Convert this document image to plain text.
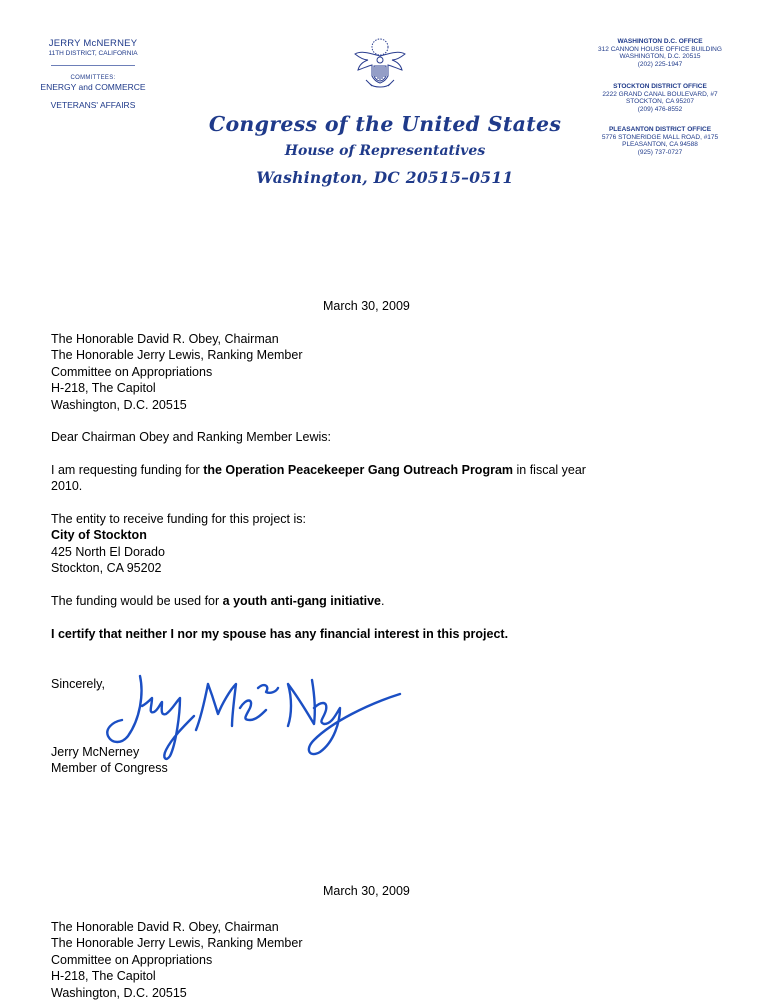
JERRY McNERNEY
11TH DISTRICT, CALIFORNIA
COMMITTEES:
ENERGY and COMMERCE
VETERANS' AFFAIRS
Congress of the United States
House of Representatives
Washington, DC 20515–0511
WASHINGTON D.C. OFFICE
312 CANNON HOUSE OFFICE BUILDING
WASHINGTON, D.C. 20515
(202) 225-1947
STOCKTON DISTRICT OFFICE
2222 GRAND CANAL BOULEVARD, #7
STOCKTON, CA 95207
(209) 476-8552
PLEASANTON DISTRICT OFFICE
5776 STONERIDGE MALL ROAD, #175
PLEASANTON, CA 94588
(925) 737-0727
March 30, 2009
The Honorable David R. Obey, Chairman
The Honorable Jerry Lewis, Ranking Member
Committee on Appropriations
H-218, The Capitol
Washington, D.C. 20515
Dear Chairman Obey and Ranking Member Lewis:
I am requesting funding for the Operation Peacekeeper Gang Outreach Program in fiscal year
2010.
The entity to receive funding for this project is:
City of Stockton
425 North El Dorado
Stockton, CA 95202
The funding would be used for a youth anti-gang initiative.
I certify that neither I nor my spouse has any financial interest in this project.
Sincerely,
Jerry McNerney
Member of Congress
March 30, 2009
The Honorable David R. Obey, Chairman
The Honorable Jerry Lewis, Ranking Member
Committee on Appropriations
H-218, The Capitol
Washington, D.C. 20515
